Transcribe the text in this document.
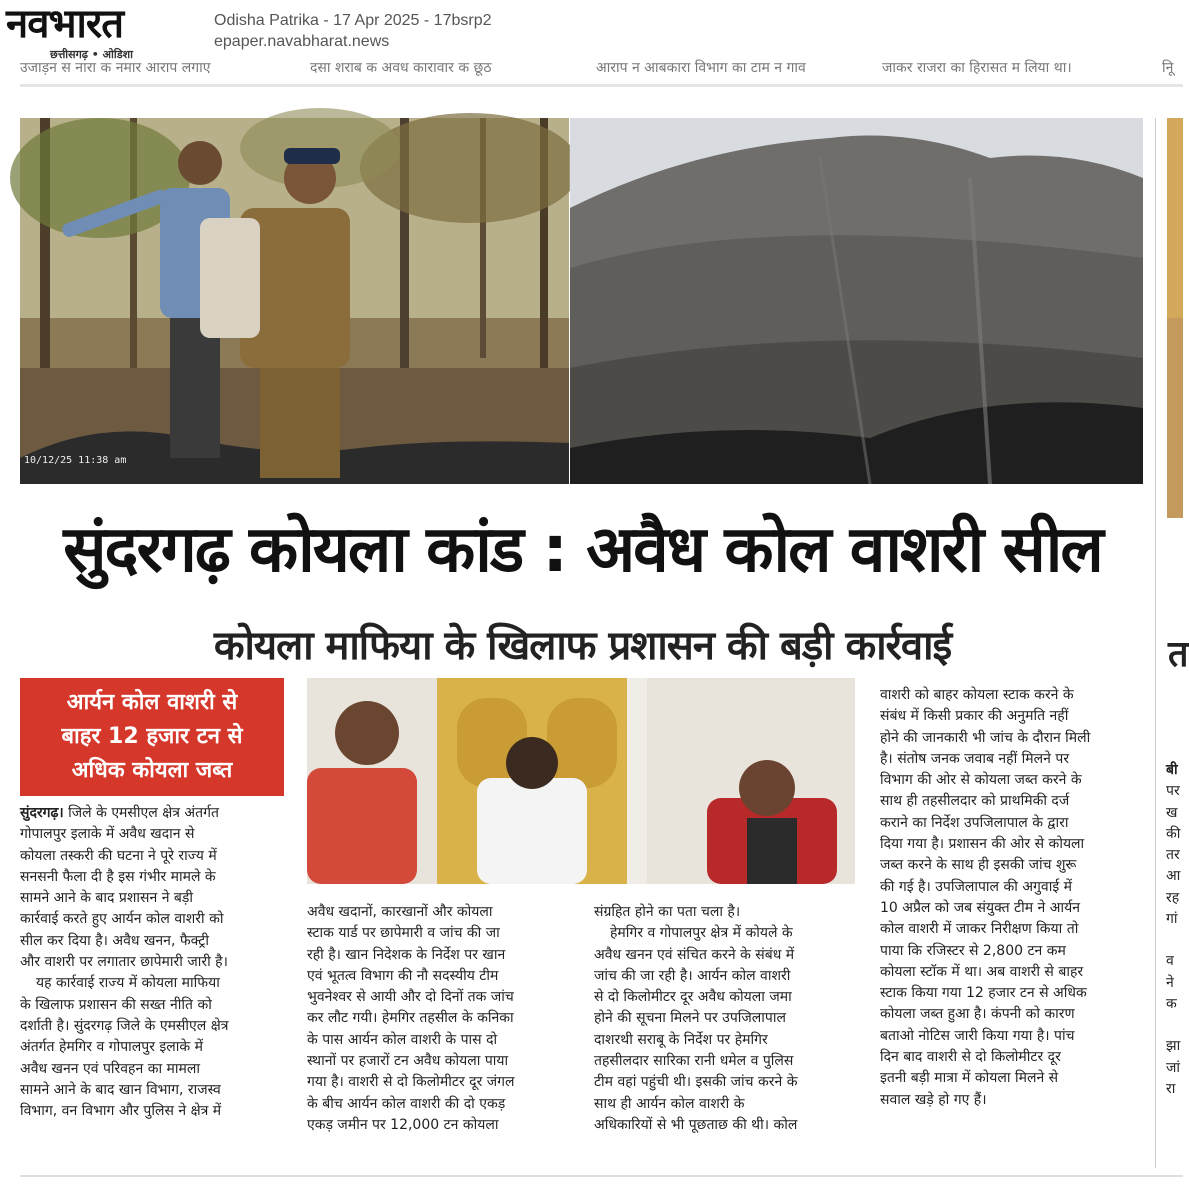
नवभारत
छत्तीसगढ़ • ओडिशा
Odisha Patrika - 17 Apr 2025 - 17bsrp2
epaper.navabharat.news
उजाड़न स नारा क नमार आराप लगाए	दसा शराब क अवध कारावार क छूठ	आराप न आबकारा विभाग का टाम न गाव	जाकर राजरा का हिरासत म लिया था।	नूि
10/12/25 11:38 am
सुंदरगढ़ कोयला कांड : अवैध कोल वाशरी सील
कोयला माफिया के खिलाफ प्रशासन की बड़ी कार्रवाई
आर्यन कोल वाशरी से
बाहर 12 हजार टन से
अधिक कोयला जब्त

सुंदरगढ़। जिले के एमसीएल क्षेत्र अंतर्गत

गोपालपुर इलाके में अवैध खदान से

कोयला तस्करी की घटना ने पूरे राज्य में

सनसनी फैला दी है इस गंभीर मामले के

सामने आने के बाद प्रशासन ने बड़ी

कार्रवाई करते हुए आर्यन कोल वाशरी को

सील कर दिया है। अवैध खनन, फैक्ट्री

और वाशरी पर लगातार छापेमारी जारी है।

यह कार्रवाई राज्य में कोयला माफिया

के खिलाफ प्रशासन की सख्त नीति को

दर्शाती है। सुंदरगढ़ जिले के एमसीएल क्षेत्र

अंतर्गत हेमगिर व गोपालपुर इलाके में

अवैध खनन एवं परिवहन का मामला

सामने आने के बाद खान विभाग, राजस्व

विभाग, वन विभाग और पुलिस ने क्षेत्र में

अवैध खदानों, कारखानों और कोयला

स्टाक यार्ड पर छापेमारी व जांच की जा

रही है। खान निदेशक के निर्देश पर खान

एवं भूतत्व विभाग की नौ सदस्यीय टीम

भुवनेश्वर से आयी और दो दिनों तक जांच

कर लौट गयी। हेमगिर तहसील के कनिका

के पास आर्यन कोल वाशरी के पास दो

स्थानों पर हजारों टन अवैध कोयला पाया

गया है। वाशरी से दो किलोमीटर दूर जंगल

के बीच आर्यन कोल वाशरी की दो एकड़

एकड़ जमीन पर 12,000 टन कोयला

संग्रहित होने का पता चला है।

हेमगिर व गोपालपुर क्षेत्र में कोयले के

अवैध खनन एवं संचित करने के संबंध में

जांच की जा रही है। आर्यन कोल वाशरी

से दो किलोमीटर दूर अवैध कोयला जमा

होने की सूचना मिलने पर उपजिलापाल

दाशरथी सराबू के निर्देश पर हेमगिर

तहसीलदार सारिका रानी धमेल व पुलिस

टीम वहां पहुंची थी। इसकी जांच करने के

साथ ही आर्यन कोल वाशरी के

अधिकारियों से भी पूछताछ की थी। कोल

वाशरी को बाहर कोयला स्टाक करने के

संबंध में किसी प्रकार की अनुमति नहीं

होने की जानकारी भी जांच के दौरान मिली

है। संतोष जनक जवाब नहीं मिलने पर

विभाग की ओर से कोयला जब्त करने के

साथ ही तहसीलदार को प्राथमिकी दर्ज

कराने का निर्देश उपजिलापाल के द्वारा

दिया गया है। प्रशासन की ओर से कोयला

जब्त करने के साथ ही इसकी जांच शुरू

की गई है। उपजिलापाल की अगुवाई में

10 अप्रैल को जब संयुक्त टीम ने आर्यन

कोल वाशरी में जाकर निरीक्षण किया तो

पाया कि रजिस्टर से 2,800 टन कम

कोयला स्टॉक में था। अब वाशरी से बाहर

स्टाक किया गया 12 हजार टन से अधिक

कोयला जब्त हुआ है। कंपनी को कारण

बताओ नोटिस जारी किया गया है। पांच

दिन बाद वाशरी से दो किलोमीटर दूर

इतनी बड़ी मात्रा में कोयला मिलने से

सवाल खड़े हो गए हैं।

त
बी
पर
ख
की
तर
आ
रह
गां
व
ने
क
झा
जां
रा
